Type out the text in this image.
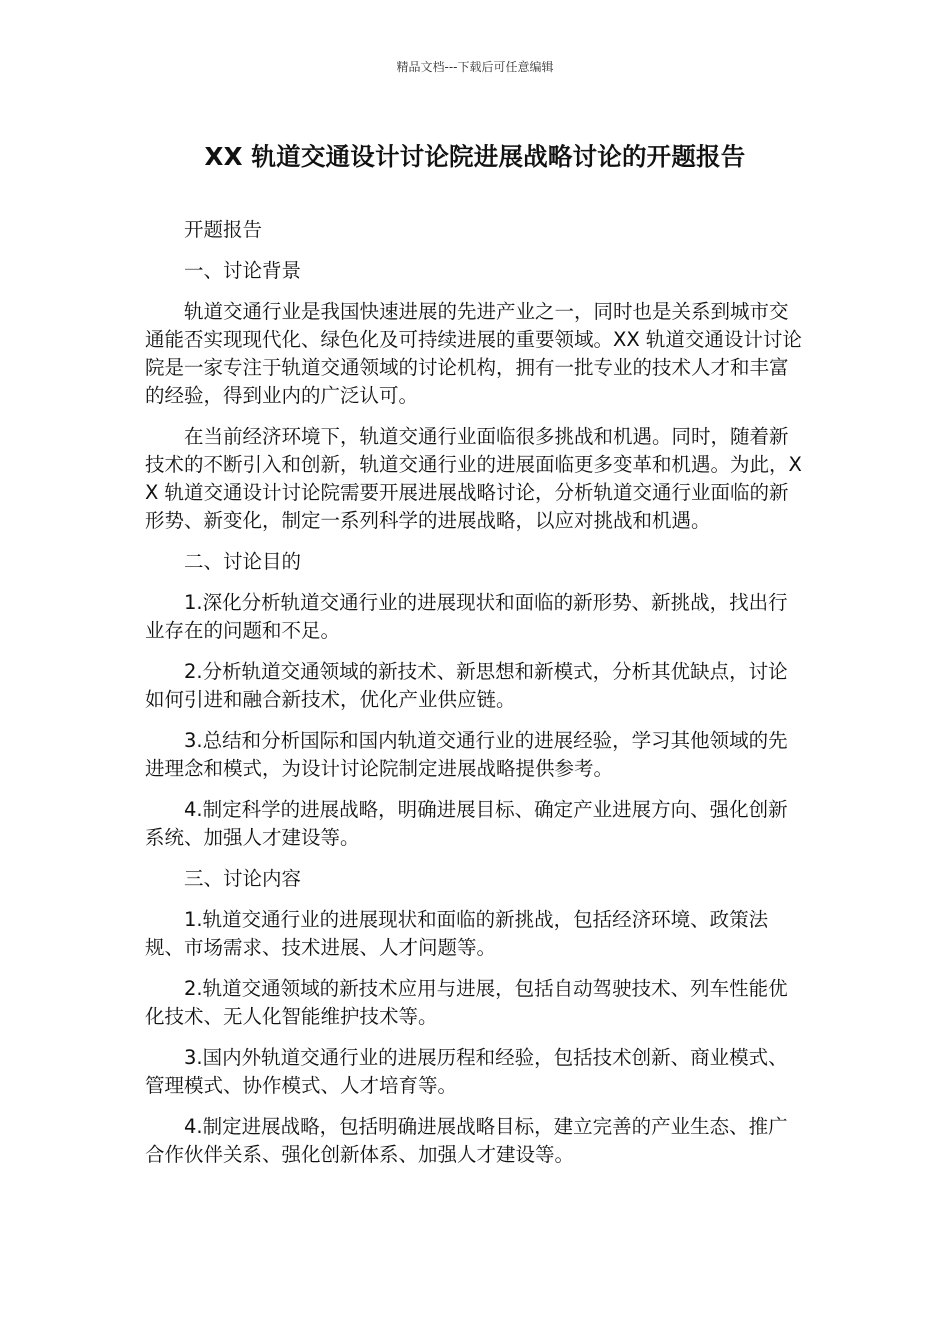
精品文档---下载后可任意编辑
XX 轨道交通设计讨论院进展战略讨论的开题报告

开题报告

一、讨论背景

轨道交通行业是我国快速进展的先进产业之一，同时也是关系到城市交通能否实现现代化、绿色化及可持续进展的重要领域。XX 轨道交通设计讨论院是一家专注于轨道交通领域的讨论机构，拥有一批专业的技术人才和丰富的经验，得到业内的广泛认可。

在当前经济环境下，轨道交通行业面临很多挑战和机遇。同时，随着新技术的不断引入和创新，轨道交通行业的进展面临更多变革和机遇。为此，XX 轨道交通设计讨论院需要开展进展战略讨论，分析轨道交通行业面临的新形势、新变化，制定一系列科学的进展战略，以应对挑战和机遇。

二、讨论目的

1.深化分析轨道交通行业的进展现状和面临的新形势、新挑战，找出行业存在的问题和不足。

2.分析轨道交通领域的新技术、新思想和新模式，分析其优缺点，讨论如何引进和融合新技术，优化产业供应链。

3.总结和分析国际和国内轨道交通行业的进展经验，学习其他领域的先进理念和模式，为设计讨论院制定进展战略提供参考。

4.制定科学的进展战略，明确进展目标、确定产业进展方向、强化创新系统、加强人才建设等。

三、讨论内容

1.轨道交通行业的进展现状和面临的新挑战，包括经济环境、政策法规、市场需求、技术进展、人才问题等。

2.轨道交通领域的新技术应用与进展，包括自动驾驶技术、列车性能优化技术、无人化智能维护技术等。

3.国内外轨道交通行业的进展历程和经验，包括技术创新、商业模式、管理模式、协作模式、人才培育等。

4.制定进展战略，包括明确进展战略目标，建立完善的产业生态、推广合作伙伴关系、强化创新体系、加强人才建设等。
